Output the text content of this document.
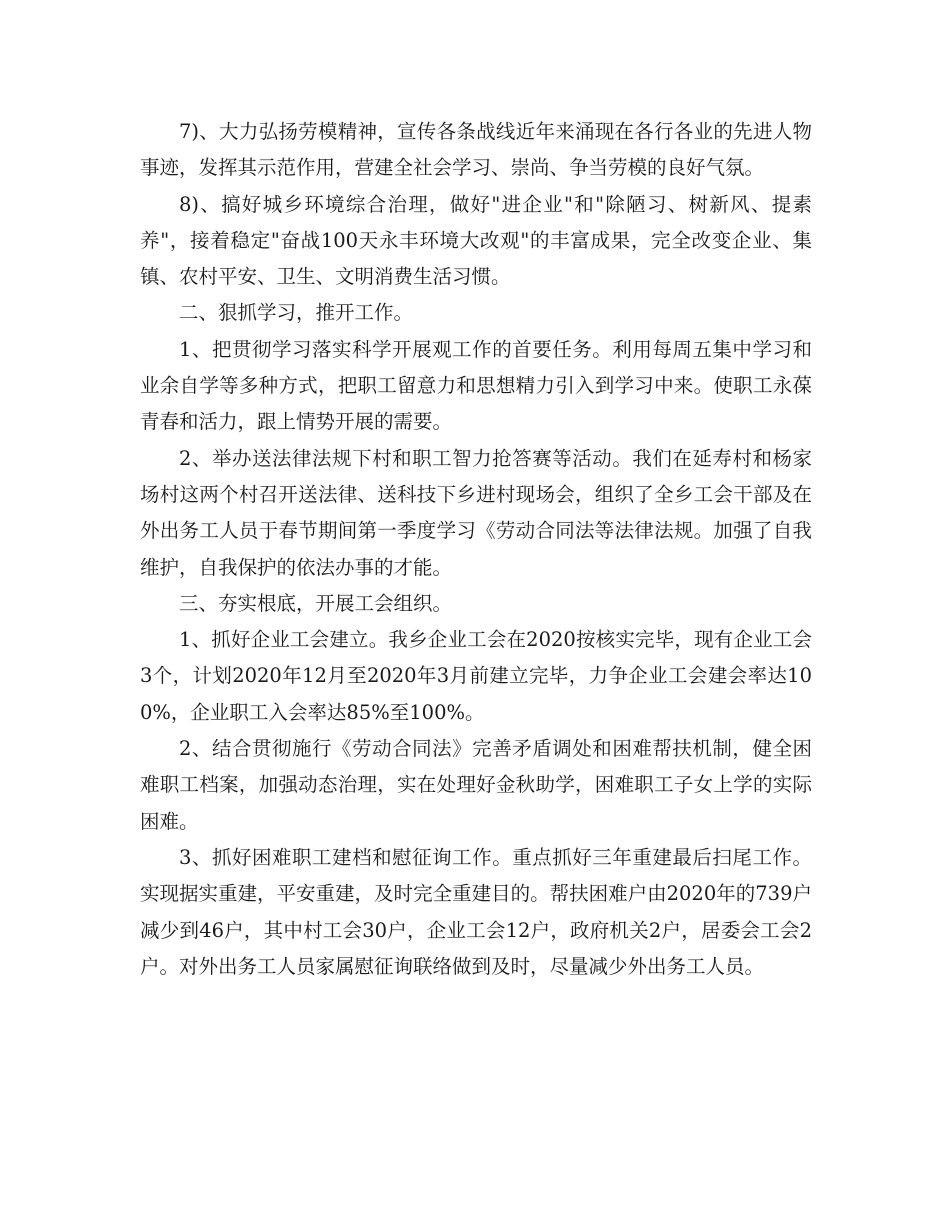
7)、大力弘扬劳模精神，宣传各条战线近年来涌现在各行各业的先进人物事迹，发挥其示范作用，营建全社会学习、崇尚、争当劳模的良好气氛。

8)、搞好城乡环境综合治理，做好"进企业"和"除陋习、树新风、提素养"，接着稳定"奋战100天永丰环境大改观"的丰富成果，完全改变企业、集镇、农村平安、卫生、文明消费生活习惯。

二、狠抓学习，推开工作。

1、把贯彻学习落实科学开展观工作的首要任务。利用每周五集中学习和业余自学等多种方式，把职工留意力和思想精力引入到学习中来。使职工永葆青春和活力，跟上情势开展的需要。

2、举办送法律法规下村和职工智力抢答赛等活动。我们在延寿村和杨家场村这两个村召开送法律、送科技下乡进村现场会，组织了全乡工会干部及在外出务工人员于春节期间第一季度学习《劳动合同法等法律法规。加强了自我维护，自我保护的依法办事的才能。

三、夯实根底，开展工会组织。

1、抓好企业工会建立。我乡企业工会在2020按核实完毕，现有企业工会3个，计划2020年12月至2020年3月前建立完毕，力争企业工会建会率达100%，企业职工入会率达85%至100%。

2、结合贯彻施行《劳动合同法》完善矛盾调处和困难帮扶机制，健全困难职工档案，加强动态治理，实在处理好金秋助学，困难职工子女上学的实际困难。

3、抓好困难职工建档和慰征询工作。重点抓好三年重建最后扫尾工作。实现据实重建，平安重建，及时完全重建目的。帮扶困难户由2020年的739户减少到46户，其中村工会30户，企业工会12户，政府机关2户，居委会工会2户。对外出务工人员家属慰征询联络做到及时，尽量减少外出务工人员。
